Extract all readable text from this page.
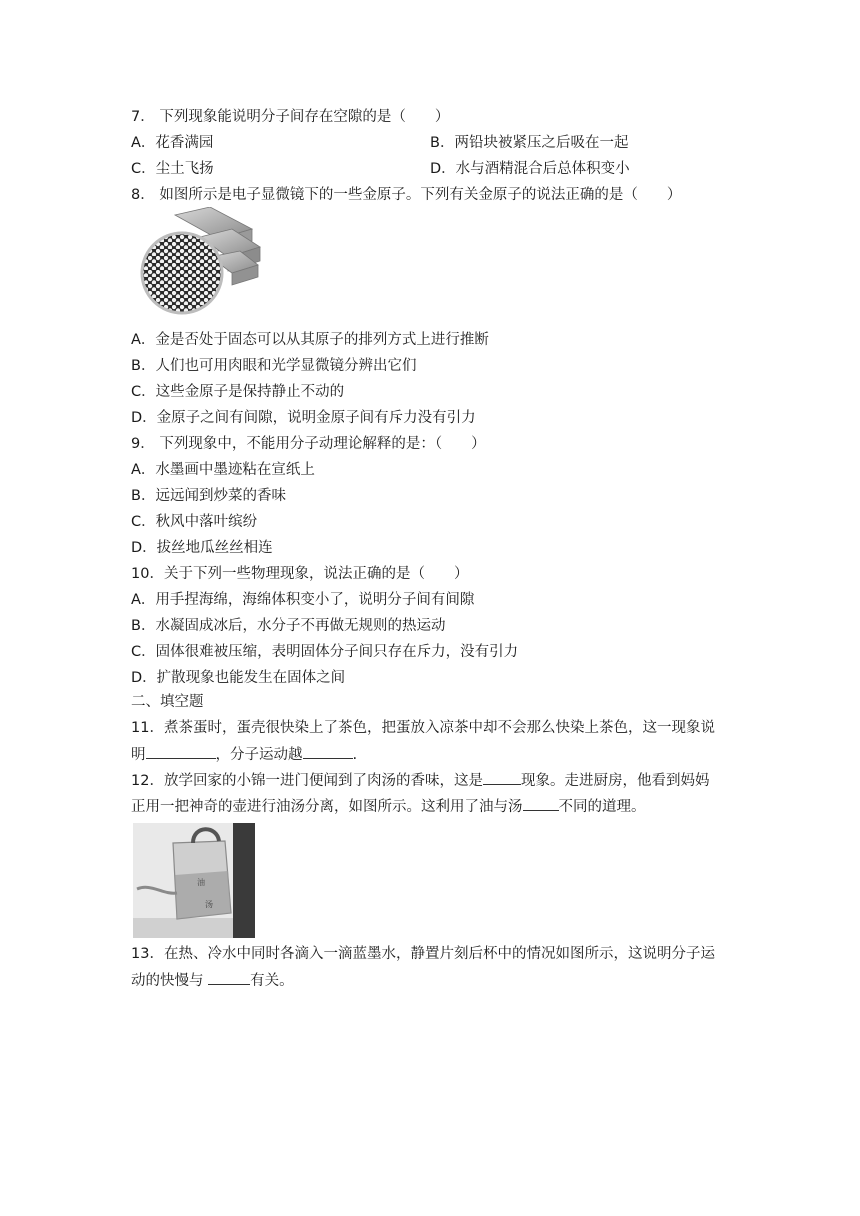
7． 下列现象能说明分子间存在空隙的是（　　）
A．花香满园	B．两铅块被紧压之后吸在一起
C．尘土飞扬	D．水与酒精混合后总体积变小
8． 如图所示是电子显微镜下的一些金原子。下列有关金原子的说法正确的是（　　）
A．金是否处于固态可以从其原子的排列方式上进行推断
B．人们也可用肉眼和光学显微镜分辨出它们
C．这些金原子是保持静止不动的
D．金原子之间有间隙，说明金原子间有斥力没有引力
9． 下列现象中，不能用分子动理论解释的是：（　　）
A．水墨画中墨迹粘在宣纸上
B．远远闻到炒菜的香味
C．秋风中落叶缤纷
D．拔丝地瓜丝丝相连
10．关于下列一些物理现象，说法正确的是（　　）
A．用手捏海绵，海绵体积变小了，说明分子间有间隙
B．水凝固成冰后，水分子不再做无规则的热运动
C．固体很难被压缩，表明固体分子间只存在斥力，没有引力
D．扩散现象也能发生在固体之间
二、填空题
11．煮茶蛋时，蛋壳很快染上了茶色，把蛋放入凉茶中却不会那么快染上茶色，这一现象说
明	，分子运动越	.
12．放学回家的小锦一进门便闻到了肉汤的香味，这是	现象。走进厨房，他看到妈妈
正用一把神奇的壶进行油汤分离，如图所示。这利用了油与汤 不同的道理。
油
汤
13．在热、冷水中同时各滴入一滴蓝墨水，静置片刻后杯中的情况如图所示，这说明分子运
动的快慢与	有关。
